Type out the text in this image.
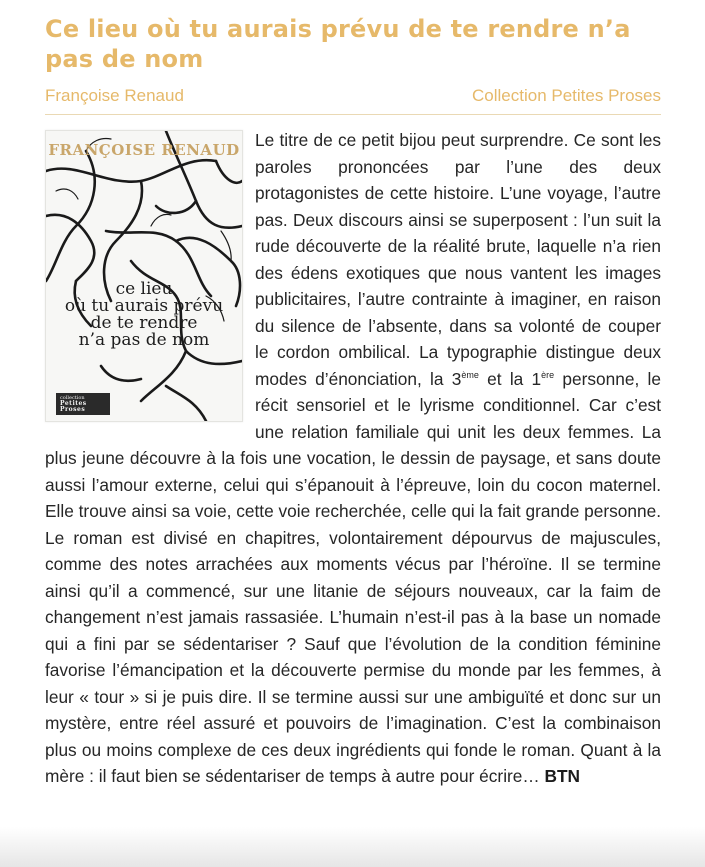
Ce lieu où tu aurais prévu de te rendre n’a pas de nom
Françoise Renaud	Collection Petites Proses
FRANÇOISE RENAUD
ce lieu
où tu aurais prévu
de te rendre
n’a pas de nom
collection
Petites Proses
Le titre de ce petit bijou peut surprendre. Ce sont les paroles prononcées par l’une des deux protagonistes de cette histoire. L’une voyage, l’autre pas. Deux discours ainsi se superposent : l’un suit la rude découverte de la réalité brute, laquelle n’a rien des édens exotiques que nous vantent les images publicitaires, l’autre contrainte à imaginer, en raison du silence de l’absente, dans sa volonté de couper le cordon ombilical. La typographie distingue deux modes d’énonciation, la 3ème et la 1ère personne, le récit sensoriel et le lyrisme conditionnel. Car c’est une relation familiale qui unit les deux femmes. La plus jeune découvre à la fois une vocation, le dessin de paysage, et sans doute aussi l’amour externe, celui qui s’épanouit à l’épreuve, loin du cocon maternel. Elle trouve ainsi sa voie, cette voie recherchée, celle qui la fait grande personne. Le roman est divisé en chapitres, volontairement dépourvus de majuscules, comme des notes arrachées aux moments vécus par l’héroïne. Il se termine ainsi qu’il a commencé, sur une litanie de séjours nouveaux, car la faim de changement n’est jamais rassasiée. L’humain n’est-il pas à la base un nomade qui a fini par se sédentariser ? Sauf que l’évolution de la condition féminine favorise l’émancipation et la découverte permise du monde par les femmes, à leur « tour » si je puis dire. Il se termine aussi sur une ambiguïté et donc sur un mystère, entre réel assuré et pouvoirs de l’imagination. C’est la combinaison plus ou moins complexe de ces deux ingrédients qui fonde le roman. Quant à la mère : il faut bien se sédentariser de temps à autre pour écrire… BTN
